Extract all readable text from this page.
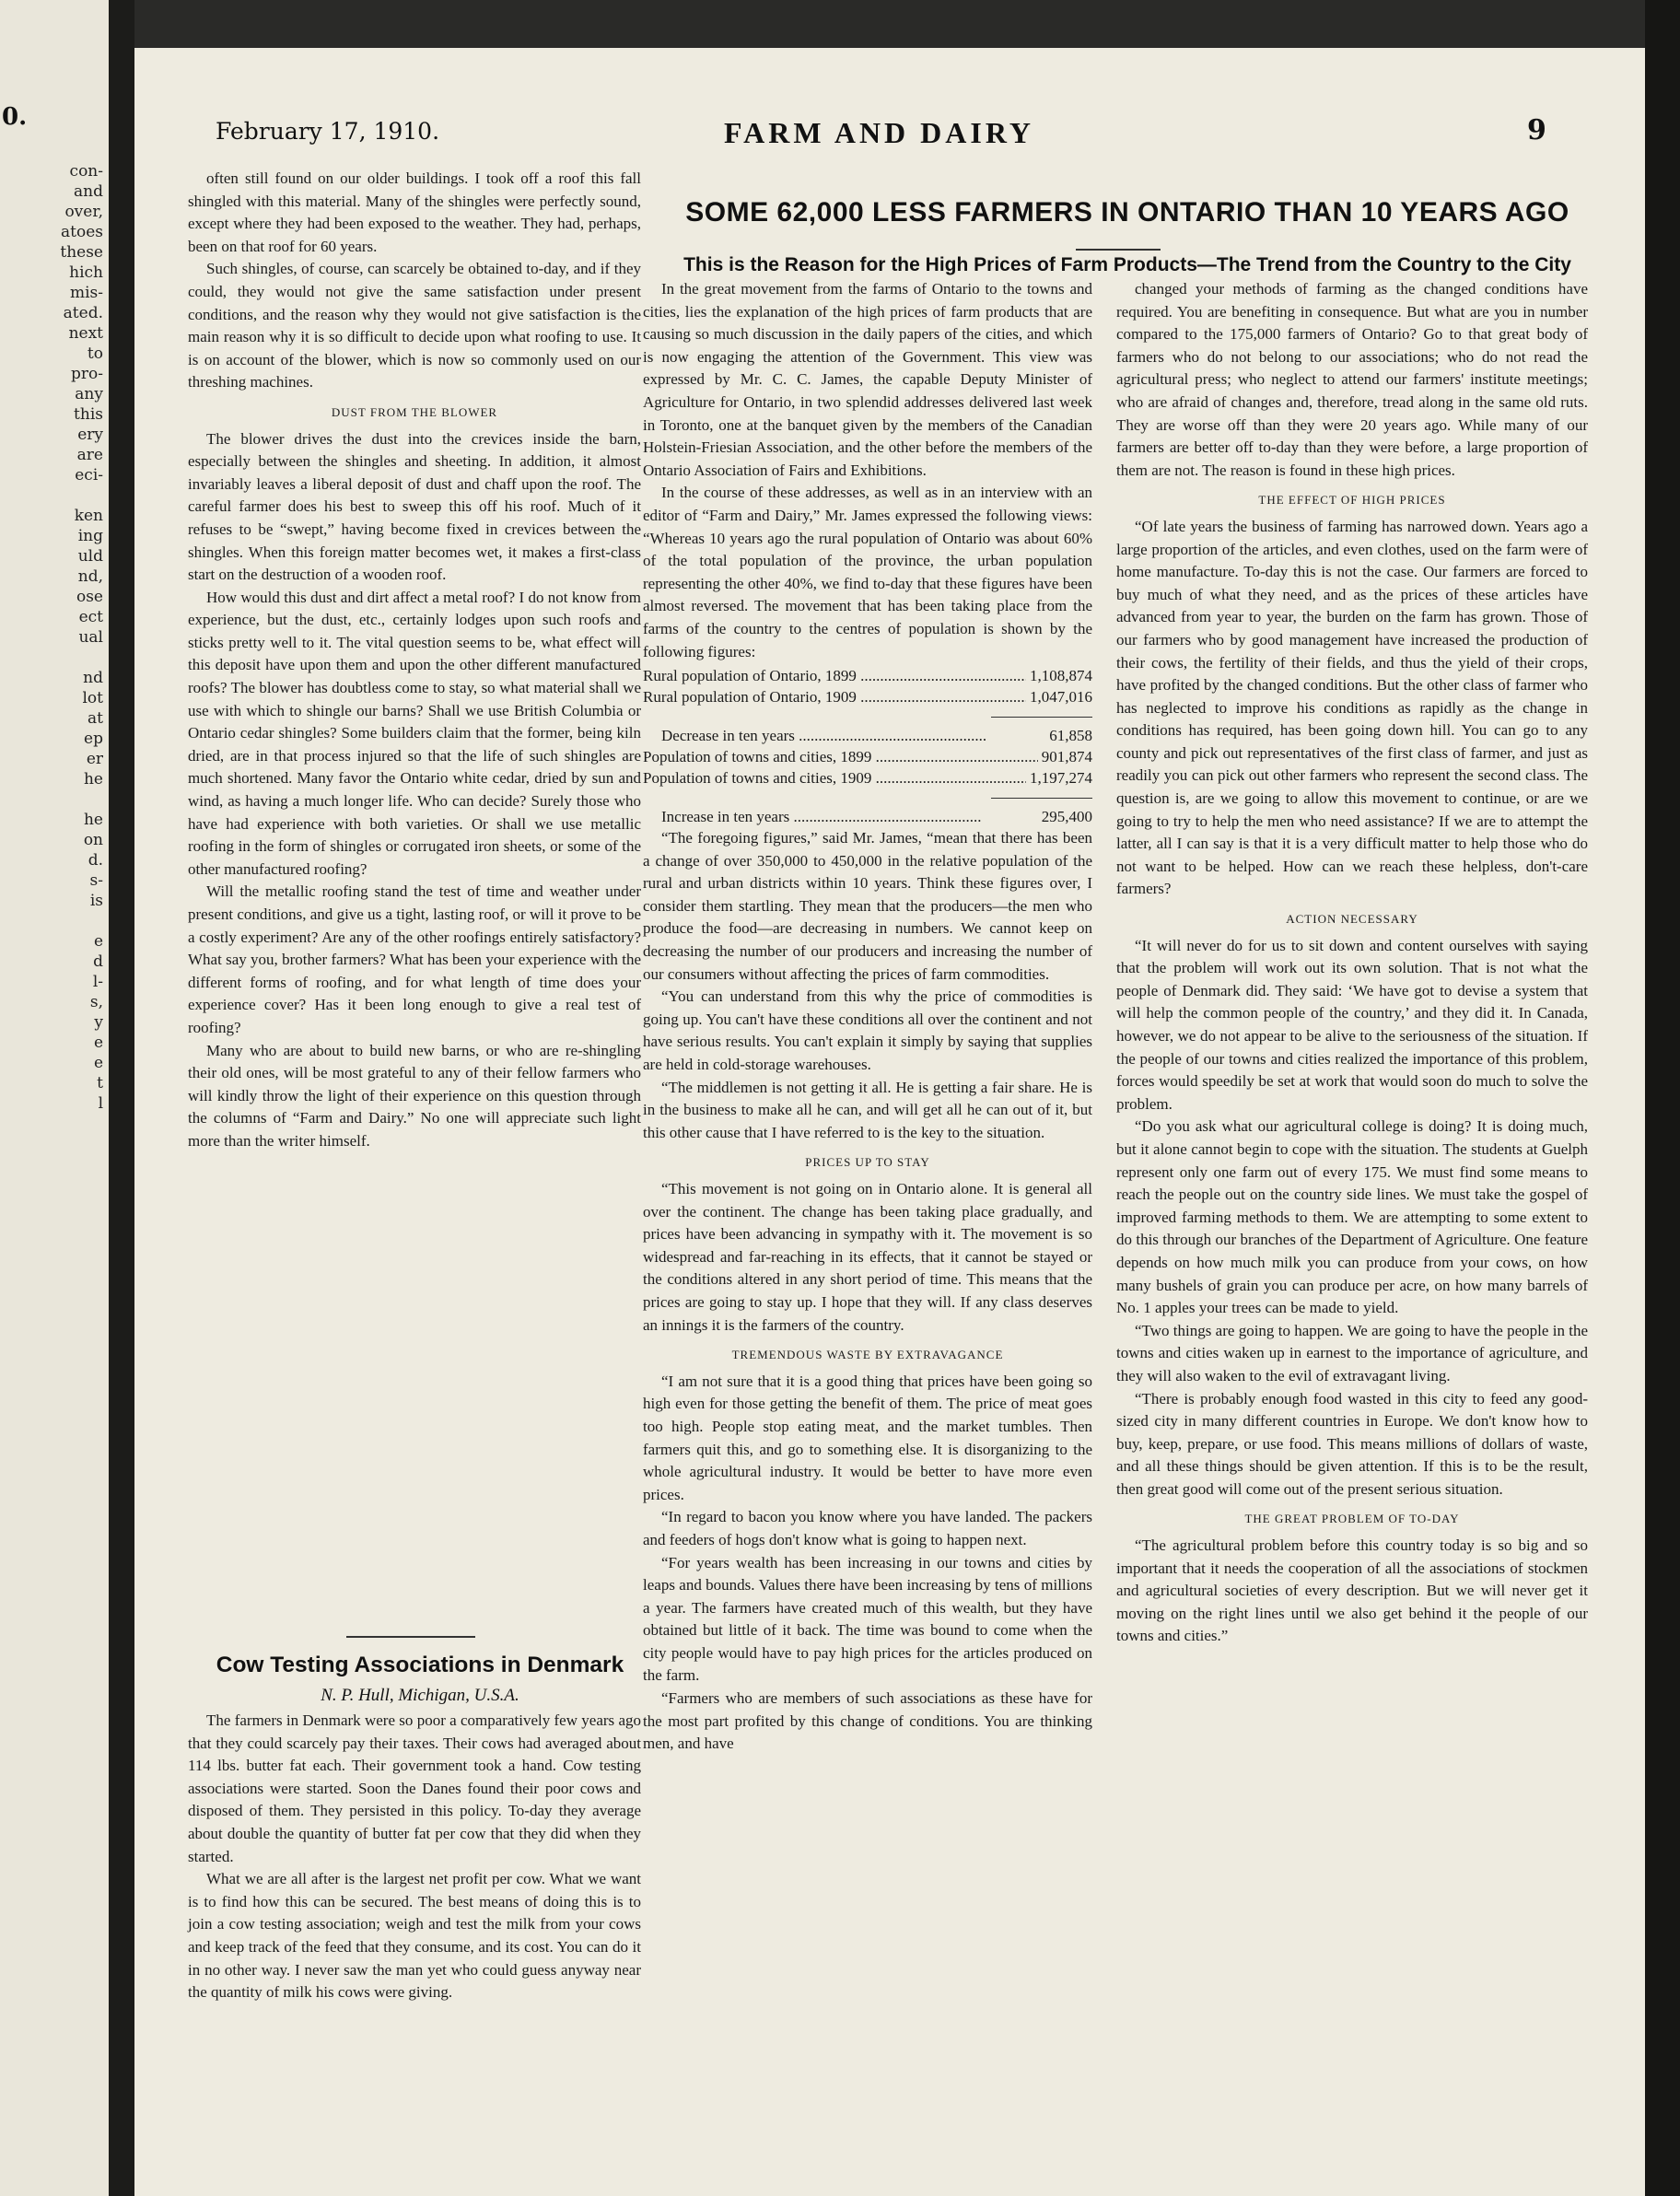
0.
con-
and
over,
atoes
these
hich
mis-
ated.
next
to
pro-
any
this
ery
are
eci-
ken
ing
uld
nd,
ose
ect
ual
nd
lot
at
ep
er
he
he
on
d.
s-
is
e
d
l-
s,
y
e
e
t
l
February 17, 1910.	FARM AND DAIRY	9
SOME 62,000 LESS FARMERS IN ONTARIO THAN 10 YEARS AGO
This is the Reason for the High Prices of Farm Products—The Trend from the Country to the City

often still found on our older buildings. I took off a roof this fall shingled with this material. Many of the shingles were perfectly sound, except where they had been exposed to the weather. They had, perhaps, been on that roof for 60 years.

Such shingles, of course, can scarcely be obtained to-day, and if they could, they would not give the same satisfaction under present conditions, and the reason why they would not give satisfaction is the main reason why it is so difficult to decide upon what roofing to use. It is on account of the blower, which is now so commonly used on our threshing machines.

DUST FROM THE BLOWER

The blower drives the dust into the crevices inside the barn, especially between the shingles and sheeting. In addition, it almost invariably leaves a liberal deposit of dust and chaff upon the roof. The careful farmer does his best to sweep this off his roof. Much of it refuses to be “swept,” having become fixed in crevices between the shingles. When this foreign matter becomes wet, it makes a first-class start on the destruction of a wooden roof.

How would this dust and dirt affect a metal roof? I do not know from experience, but the dust, etc., certainly lodges upon such roofs and sticks pretty well to it. The vital question seems to be, what effect will this deposit have upon them and upon the other different manufactured roofs? The blower has doubtless come to stay, so what material shall we use with which to shingle our barns? Shall we use British Columbia or Ontario cedar shingles? Some builders claim that the former, being kiln dried, are in that process injured so that the life of such shingles are much shortened. Many favor the Ontario white cedar, dried by sun and wind, as having a much longer life. Who can decide? Surely those who have had experience with both varieties. Or shall we use metallic roofing in the form of shingles or corrugated iron sheets, or some of the other manufactured roofing?

Will the metallic roofing stand the test of time and weather under present conditions, and give us a tight, lasting roof, or will it prove to be a costly experiment? Are any of the other roofings entirely satisfactory? What say you, brother farmers? What has been your experience with the different forms of roofing, and for what length of time does your experience cover? Has it been long enough to give a real test of roofing?

Many who are about to build new barns, or who are re-shingling their old ones, will be most grateful to any of their fellow farmers who will kindly throw the light of their experience on this question through the columns of “Farm and Dairy.” No one will appreciate such light more than the writer himself.

Cow Testing Associations in Denmark
N. P. Hull, Michigan, U.S.A.

The farmers in Denmark were so poor a comparatively few years ago that they could scarcely pay their taxes. Their cows had averaged about 114 lbs. butter fat each. Their government took a hand. Cow testing associations were started. Soon the Danes found their poor cows and disposed of them. They persisted in this policy. To-day they average about double the quantity of butter fat per cow that they did when they started.

What we are all after is the largest net profit per cow. What we want is to find how this can be secured. The best means of doing this is to join a cow testing association; weigh and test the milk from your cows and keep track of the feed that they consume, and its cost. You can do it in no other way. I never saw the man yet who could guess anyway near the quantity of milk his cows were giving.

In the great movement from the farms of Ontario to the towns and cities, lies the explanation of the high prices of farm products that are causing so much discussion in the daily papers of the cities, and which is now engaging the attention of the Government. This view was expressed by Mr. C. C. James, the capable Deputy Minister of Agriculture for Ontario, in two splendid addresses delivered last week in Toronto, one at the banquet given by the members of the Canadian Holstein-Friesian Association, and the other before the members of the Ontario Association of Fairs and Exhibitions.

In the course of these addresses, as well as in an interview with an editor of “Farm and Dairy,” Mr. James expressed the following views: “Whereas 10 years ago the rural population of Ontario was about 60% of the total population of the province, the urban population representing the other 40%, we find to-day that these figures have been almost reversed. The movement that has been taking place from the farms of the country to the centres of population is shown by the following figures:

Rural population of Ontario, 1899 .....	1,108,874
Rural population of Ontario, 1909 .....	1,047,016
Decrease in ten years .....	61,858
Population of towns and cities, 1899 .....	901,874
Population of towns and cities, 1909 .....	1,197,274
Increase in ten years .....	295,400

“The foregoing figures,” said Mr. James, “mean that there has been a change of over 350,000 to 450,000 in the relative population of the rural and urban districts within 10 years. Think these figures over, I consider them startling. They mean that the producers—the men who produce the food—are decreasing in numbers. We cannot keep on decreasing the number of our producers and increasing the number of our consumers without affecting the prices of farm commodities.

“You can understand from this why the price of commodities is going up. You can't have these conditions all over the continent and not have serious results. You can't explain it simply by saying that supplies are held in cold-storage warehouses.

“The middlemen is not getting it all. He is getting a fair share. He is in the business to make all he can, and will get all he can out of it, but this other cause that I have referred to is the key to the situation.

PRICES UP TO STAY

“This movement is not going on in Ontario alone. It is general all over the continent. The change has been taking place gradually, and prices have been advancing in sympathy with it. The movement is so widespread and far-reaching in its effects, that it cannot be stayed or the conditions altered in any short period of time. This means that the prices are going to stay up. I hope that they will. If any class deserves an innings it is the farmers of the country.

TREMENDOUS WASTE BY EXTRAVAGANCE

“I am not sure that it is a good thing that prices have been going so high even for those getting the benefit of them. The price of meat goes too high. People stop eating meat, and the market tumbles. Then farmers quit this, and go to something else. It is disorganizing to the whole agricultural industry. It would be better to have more even prices.

“In regard to bacon you know where you have landed. The packers and feeders of hogs don't know what is going to happen next.

“For years wealth has been increasing in our towns and cities by leaps and bounds. Values there have been increasing by tens of millions a year. The farmers have created much of this wealth, but they have obtained but little of it back. The time was bound to come when the city people would have to pay high prices for the articles produced on the farm.

“Farmers who are members of such associations as these have for the most part profited by this change of conditions. You are thinking men, and have

changed your methods of farming as the changed conditions have required. You are benefiting in consequence. But what are you in number compared to the 175,000 farmers of Ontario? Go to that great body of farmers who do not belong to our associations; who do not read the agricultural press; who neglect to attend our farmers' institute meetings; who are afraid of changes and, therefore, tread along in the same old ruts. They are worse off than they were 20 years ago. While many of our farmers are better off to-day than they were before, a large proportion of them are not. The reason is found in these high prices.

THE EFFECT OF HIGH PRICES

“Of late years the business of farming has narrowed down. Years ago a large proportion of the articles, and even clothes, used on the farm were of home manufacture. To-day this is not the case. Our farmers are forced to buy much of what they need, and as the prices of these articles have advanced from year to year, the burden on the farm has grown. Those of our farmers who by good management have increased the production of their cows, the fertility of their fields, and thus the yield of their crops, have profited by the changed conditions. But the other class of farmer who has neglected to improve his conditions as rapidly as the change in conditions has required, has been going down hill. You can go to any county and pick out representatives of the first class of farmer, and just as readily you can pick out other farmers who represent the second class. The question is, are we going to allow this movement to continue, or are we going to try to help the men who need assistance? If we are to attempt the latter, all I can say is that it is a very difficult matter to help those who do not want to be helped. How can we reach these helpless, don't-care farmers?

ACTION NECESSARY

“It will never do for us to sit down and content ourselves with saying that the problem will work out its own solution. That is not what the people of Denmark did. They said: ‘We have got to devise a system that will help the common people of the country,’ and they did it. In Canada, however, we do not appear to be alive to the seriousness of the situation. If the people of our towns and cities realized the importance of this problem, forces would speedily be set at work that would soon do much to solve the problem.

“Do you ask what our agricultural college is doing? It is doing much, but it alone cannot begin to cope with the situation. The students at Guelph represent only one farm out of every 175. We must find some means to reach the people out on the country side lines. We must take the gospel of improved farming methods to them. We are attempting to some extent to do this through our branches of the Department of Agriculture. One feature depends on how much milk you can produce from your cows, on how many bushels of grain you can produce per acre, on how many barrels of No. 1 apples your trees can be made to yield.

“Two things are going to happen. We are going to have the people in the towns and cities waken up in earnest to the importance of agriculture, and they will also waken to the evil of extravagant living.

“There is probably enough food wasted in this city to feed any good-sized city in many different countries in Europe. We don't know how to buy, keep, prepare, or use food. This means millions of dollars of waste, and all these things should be given attention. If this is to be the result, then great good will come out of the present serious situation.

THE GREAT PROBLEM OF TO-DAY

“The agricultural problem before this country today is so big and so important that it needs the cooperation of all the associations of stockmen and agricultural societies of every description. But we will never get it moving on the right lines until we also get behind it the people of our towns and cities.”
